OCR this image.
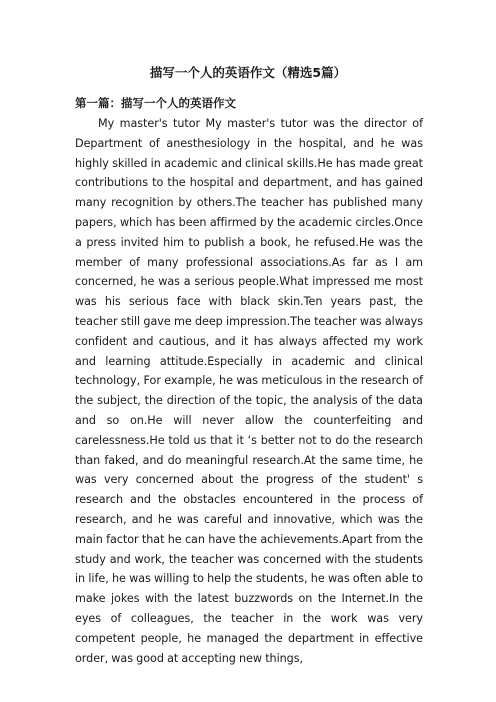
描写一个人的英语作文（精选5篇）
第一篇：描写一个人的英语作文

My master's tutor My master's tutor was the director of Department of anesthesiology in the hospital, and he was highly skilled in academic and clinical skills.He has made great contributions to the hospital and department, and has gained many recognition by others.The teacher has published many papers, which has been affirmed by the academic circles.Once a press invited him to publish a book, he refused.He was the member of many professional associations.As far as I am concerned, he was a serious people.What impressed me most was his serious face with black skin.Ten years past, the teacher still gave me deep impression.The teacher was always confident and cautious, and it has always affected my work and learning attitude.Especially in academic and clinical technology, For example, he was meticulous in the research of the subject, the direction of the topic, the analysis of the data and so on.He will never allow the counterfeiting and carelessness.He told us that it ‘s better not to do the research than faked, and do meaningful research.At the same time, he was very concerned about the progress of the student' s research and the obstacles encountered in the process of research, and he was careful and innovative, which was the main factor that he can have the achievements.Apart from the study and work, the teacher was concerned with the students in life, he was willing to help the students, he was often able to make jokes with the latest buzzwords on the Internet.In the eyes of colleagues, the teacher in the work was very competent people, he managed the department in effective order, was good at accepting new things,
